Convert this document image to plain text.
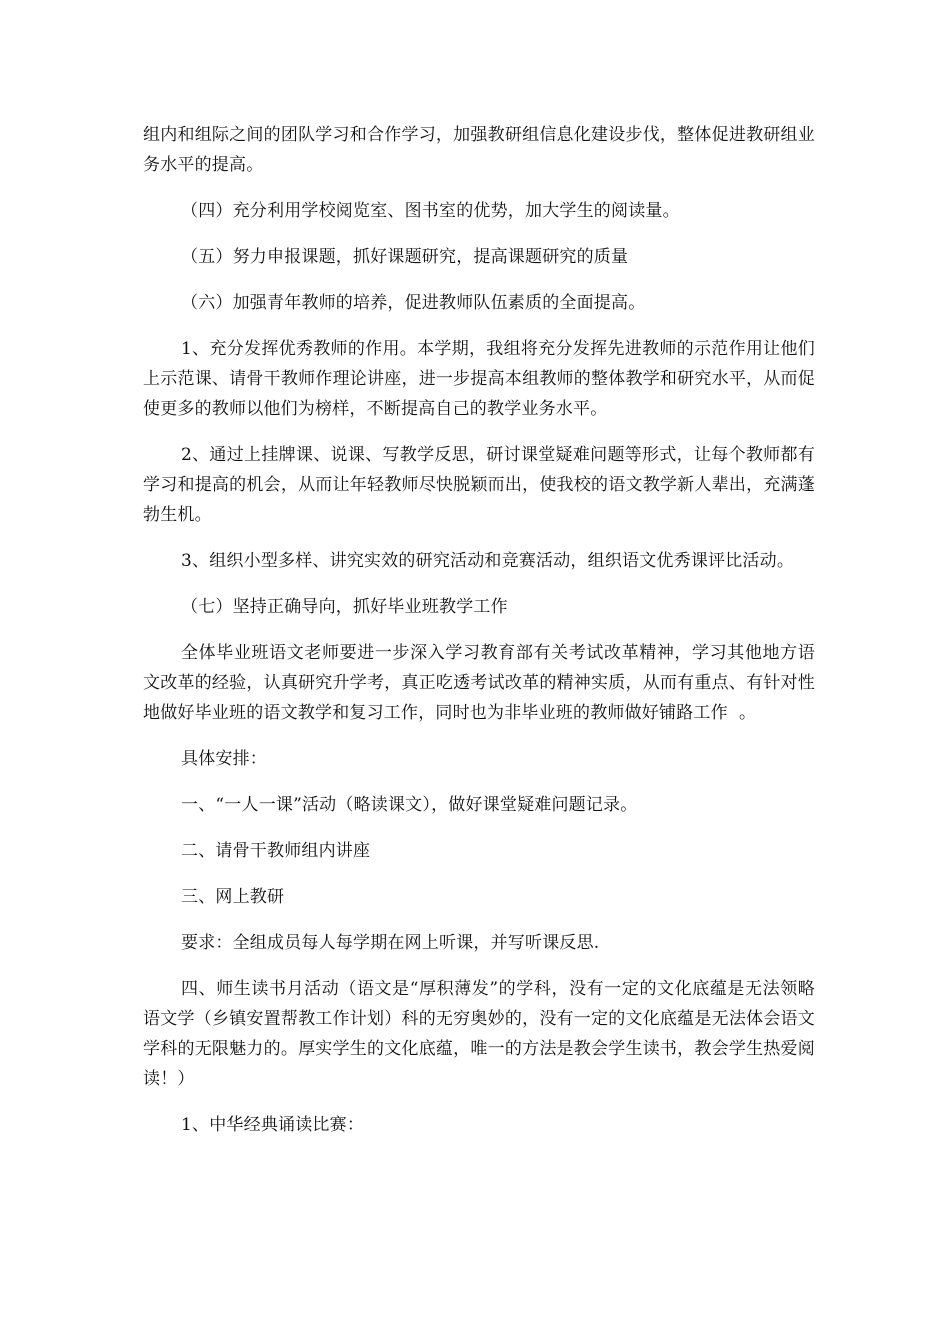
组内和组际之间的团队学习和合作学习，加强教研组信息化建设步伐，整体促进教研组业务水平的提高。

（四）充分利用学校阅览室、图书室的优势，加大学生的阅读量。

（五）努力申报课题，抓好课题研究，提高课题研究的质量

（六）加强青年教师的培养，促进教师队伍素质的全面提高。

1、充分发挥优秀教师的作用。本学期，我组将充分发挥先进教师的示范作用让他们上示范课、请骨干教师作理论讲座，进一步提高本组教师的整体教学和研究水平，从而促使更多的教师以他们为榜样，不断提高自己的教学业务水平。

2、通过上挂牌课、说课、写教学反思，研讨课堂疑难问题等形式，让每个教师都有学习和提高的机会，从而让年轻教师尽快脱颖而出，使我校的语文教学新人辈出，充满蓬勃生机。

3、组织小型多样、讲究实效的研究活动和竞赛活动，组织语文优秀课评比活动。

（七）坚持正确导向，抓好毕业班教学工作

全体毕业班语文老师要进一步深入学习教育部有关考试改革精神，学习其他地方语文改革的经验，认真研究升学考，真正吃透考试改革的精神实质，从而有重点、有针对性地做好毕业班的语文教学和复习工作，同时也为非毕业班的教师做好铺路工作  。

具体安排：

一、“一人一课”活动（略读课文），做好课堂疑难问题记录。

二、请骨干教师组内讲座

三、网上教研

要求：全组成员每人每学期在网上听课，并写听课反思.

四、师生读书月活动（语文是“厚积薄发”的学科，没有一定的文化底蕴是无法领略语文学（乡镇安置帮教工作计划）科的无穷奥妙的，没有一定的文化底蕴是无法体会语文学科的无限魅力的。厚实学生的文化底蕴，唯一的方法是教会学生读书，教会学生热爱阅读！）

1、中华经典诵读比赛：
